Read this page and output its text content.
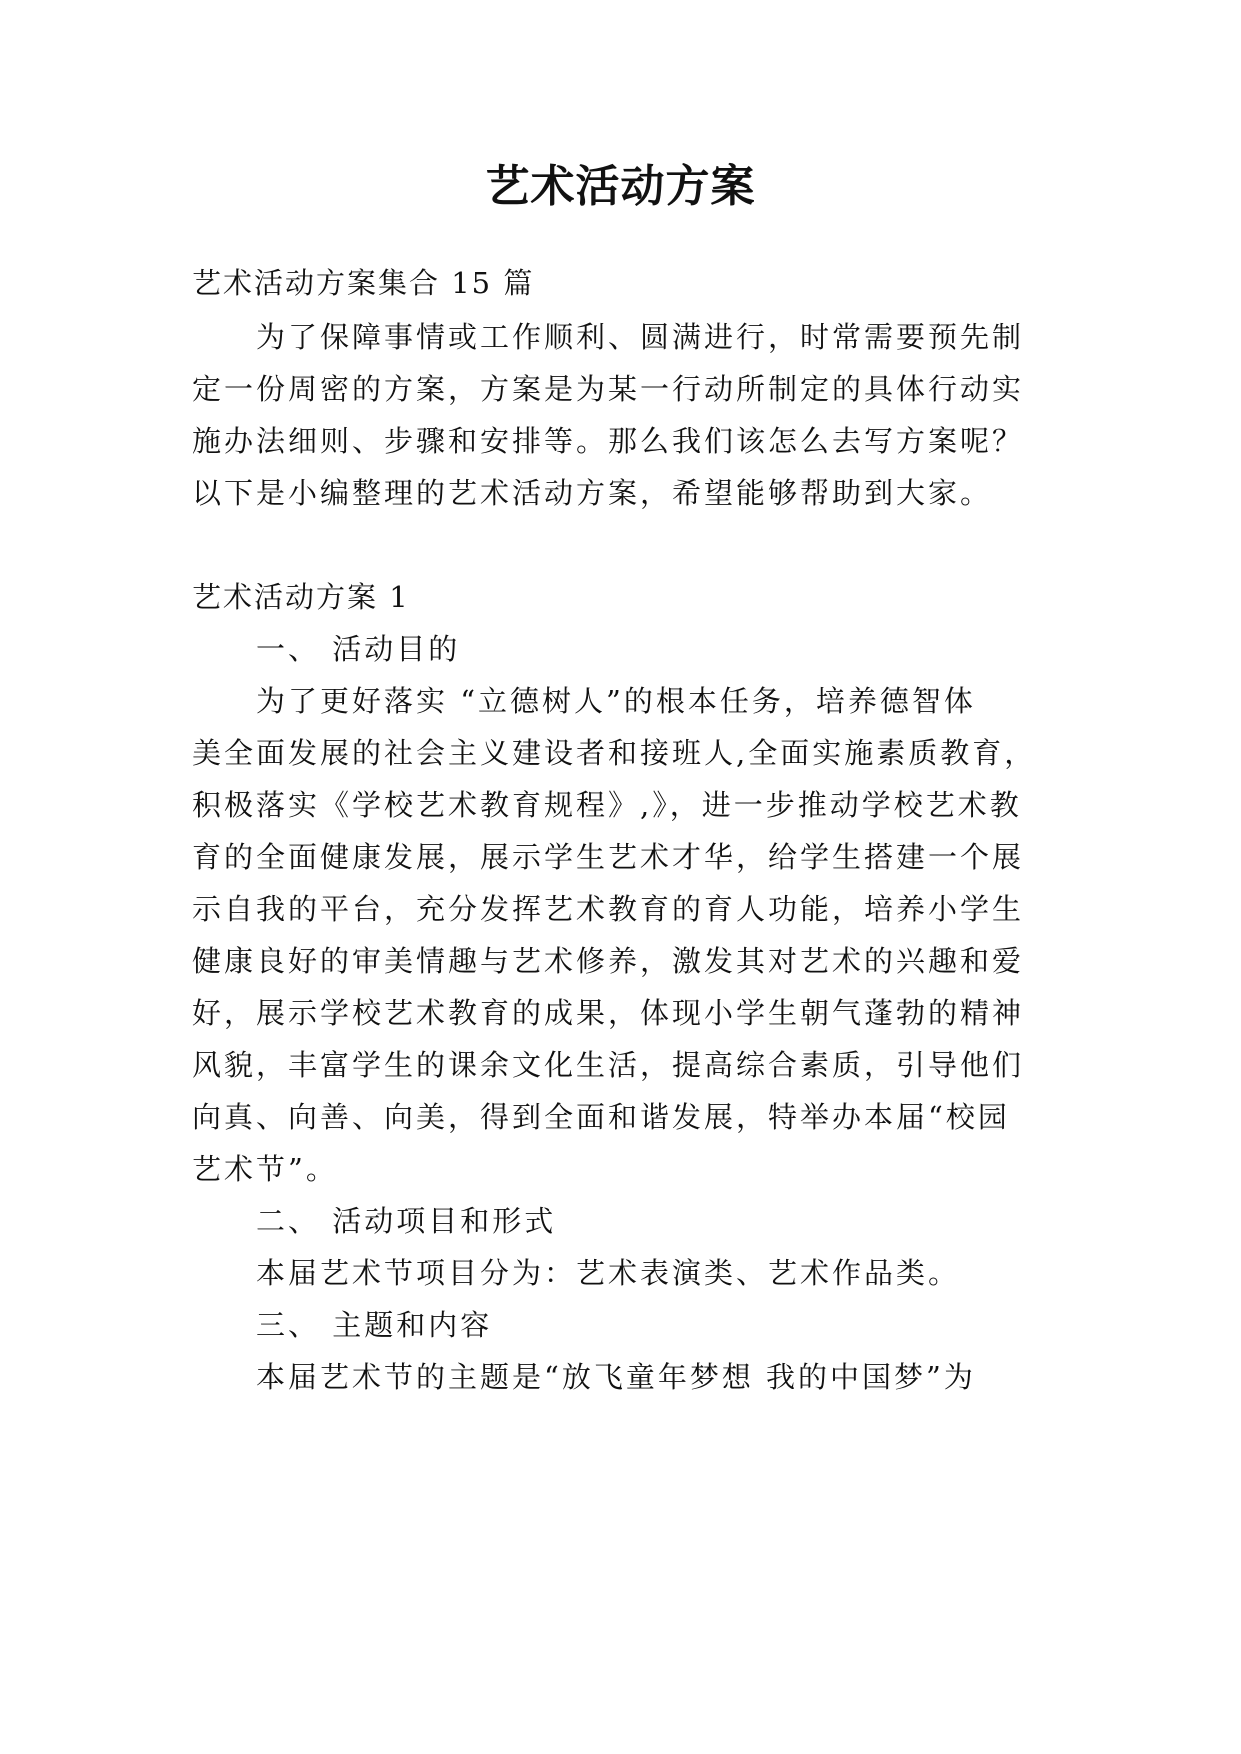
艺术活动方案
艺术活动方案集合 15 篇
为了保障事情或工作顺利、圆满进行，时常需要预先制
定一份周密的方案，方案是为某一行动所制定的具体行动实
施办法细则、步骤和安排等。那么我们该怎么去写方案呢？
以下是小编整理的艺术活动方案，希望能够帮助到大家。
艺术活动方案 1
一、 活动目的
为了更好落实 “立德树人”的根本任务，培养德智体
美全面发展的社会主义建设者和接班人,全面实施素质教育，
积极落实《学校艺术教育规程》,》，进一步推动学校艺术教
育的全面健康发展，展示学生艺术才华，给学生搭建一个展
示自我的平台，充分发挥艺术教育的育人功能，培养小学生
健康良好的审美情趣与艺术修养，激发其对艺术的兴趣和爱
好，展示学校艺术教育的成果，体现小学生朝气蓬勃的精神
风貌，丰富学生的课余文化生活，提高综合素质，引导他们
向真、向善、向美，得到全面和谐发展，特举办本届“校园
艺术节”。
二、 活动项目和形式
本届艺术节项目分为：艺术表演类、艺术作品类。
三、 主题和内容
本届艺术节的主题是“放飞童年梦想 我的中国梦”为
